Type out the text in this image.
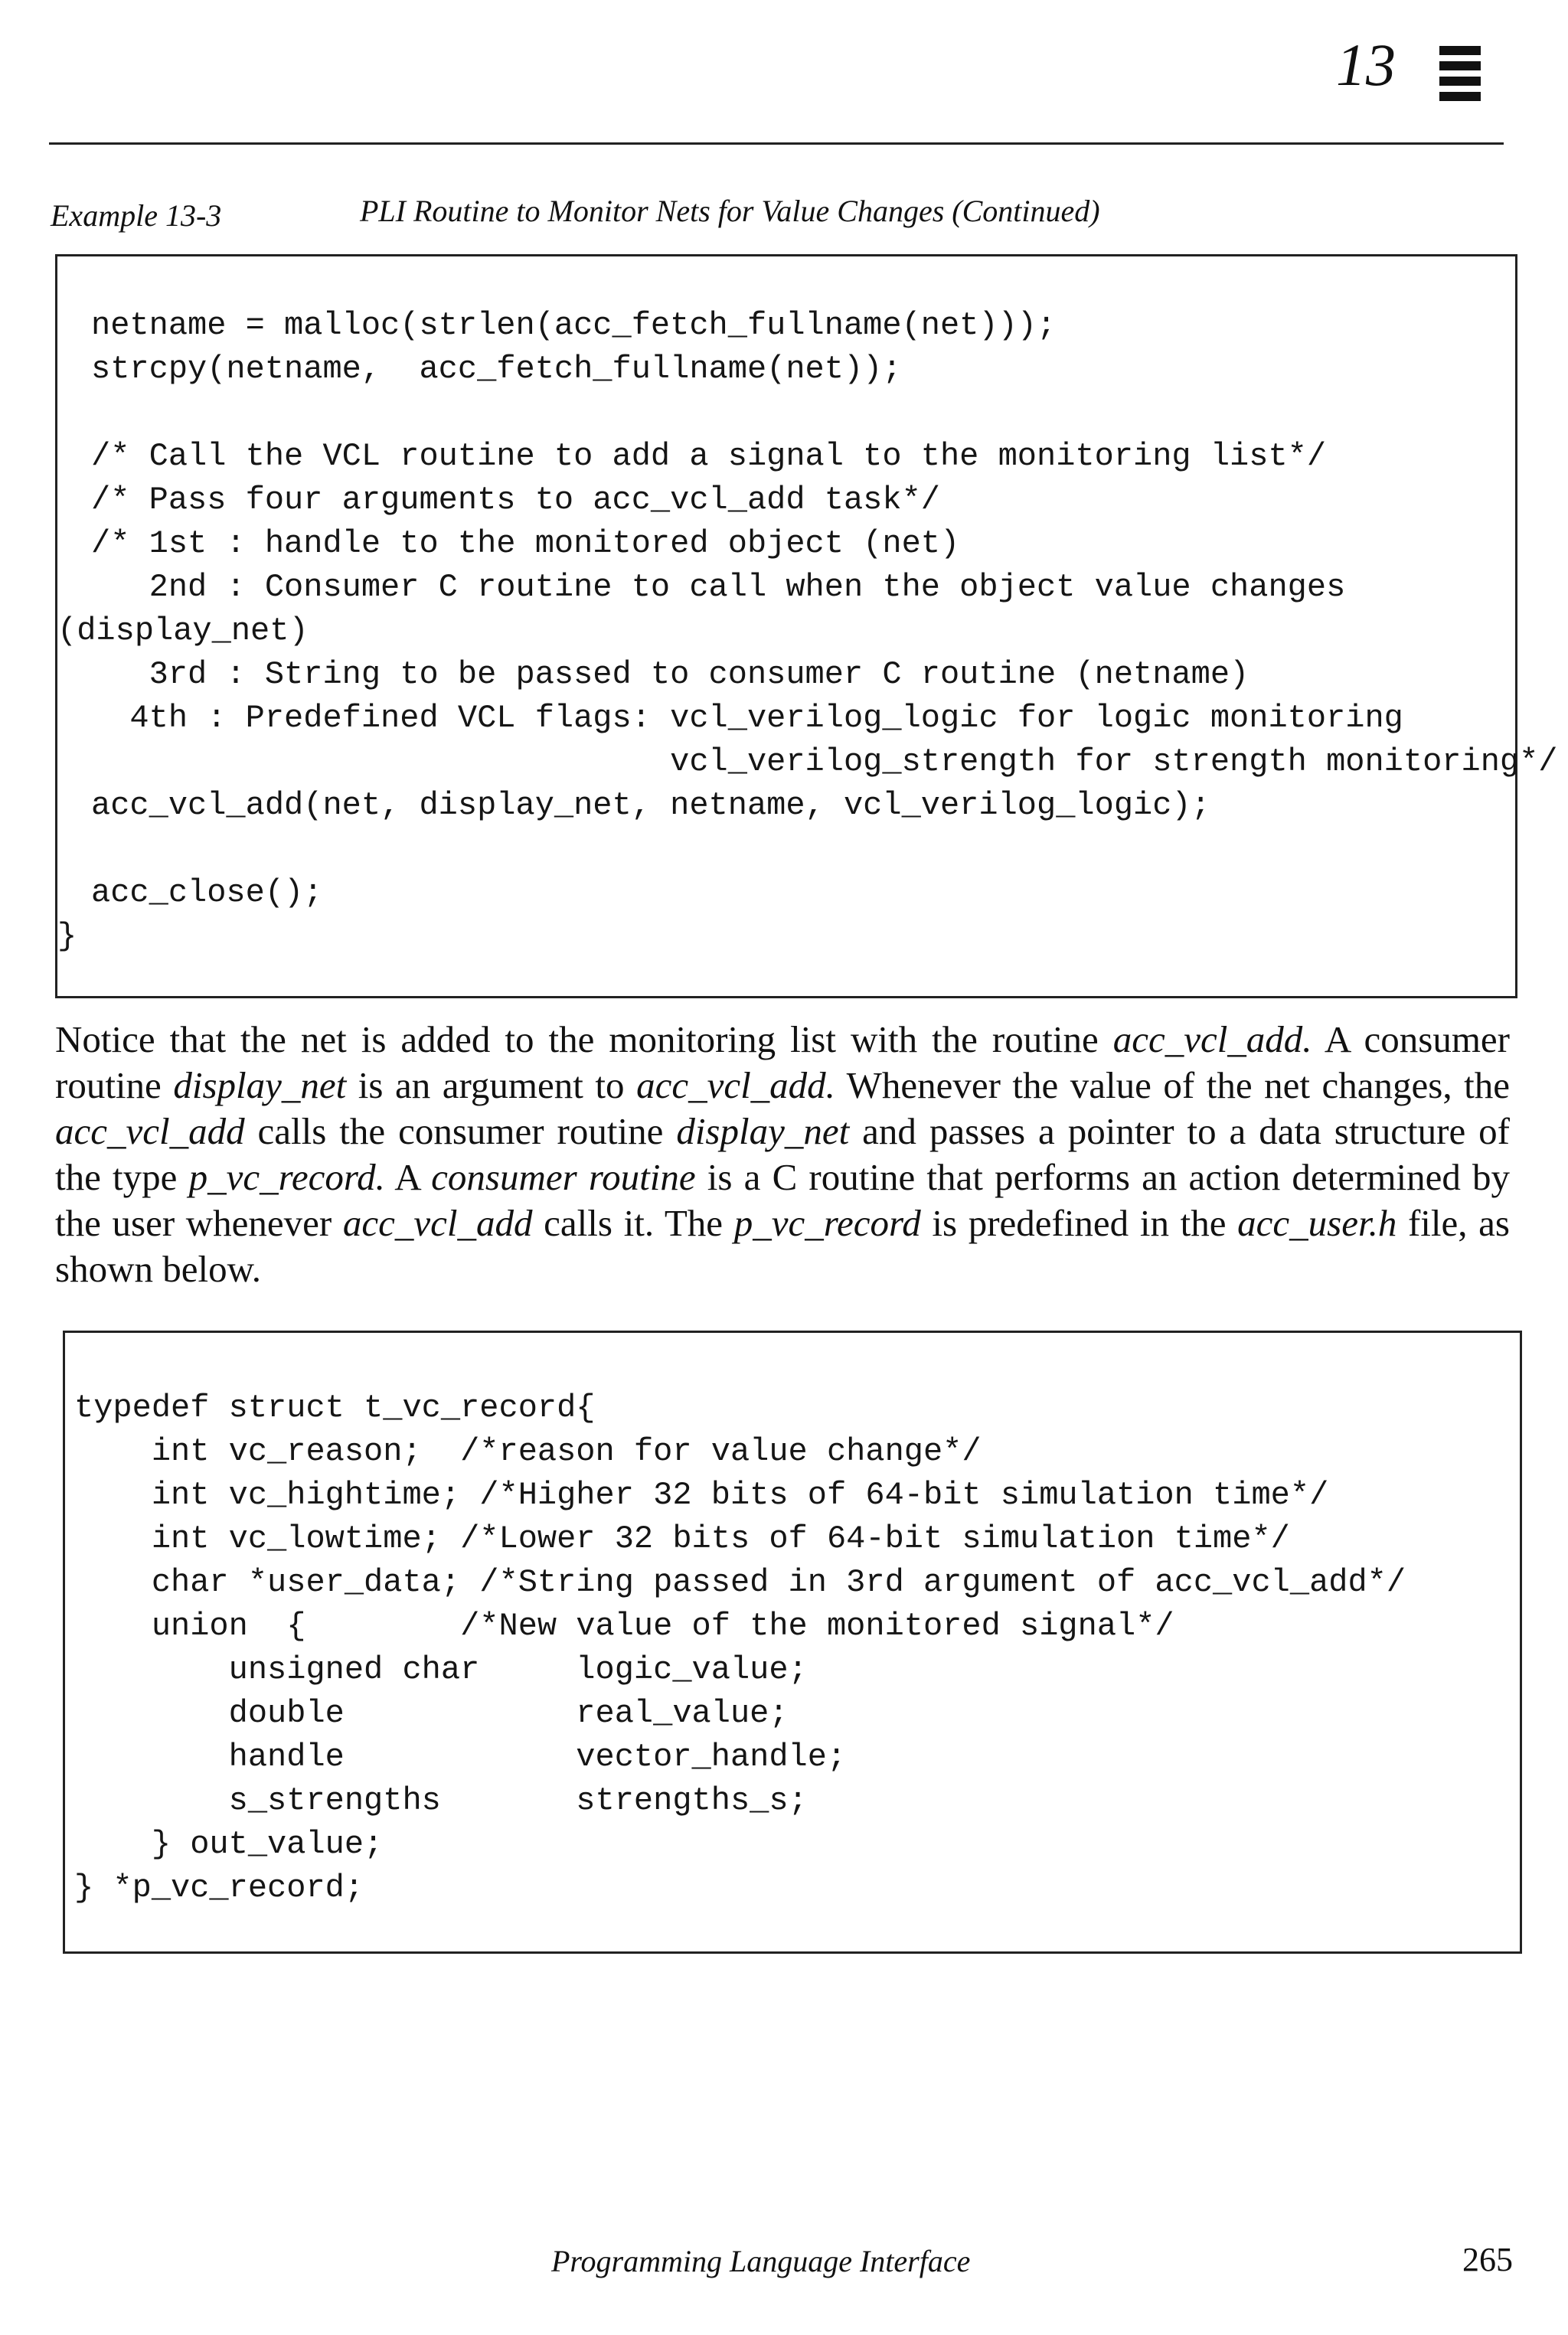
13
Example 13-3	PLI Routine to Monitor Nets for Value Changes (Continued)
netname = malloc(strlen(acc_fetch_fullname(net)));
strcpy(netname,  acc_fetch_fullname(net));

/* Call the VCL routine to add a signal to the monitoring list*/
/* Pass four arguments to acc_vcl_add task*/
/* 1st : handle to the monitored object (net)
2nd : Consumer C routine to call when the object value changes
(display_net)
3rd : String to be passed to consumer C routine (netname)
4th : Predefined VCL flags: vcl_verilog_logic for logic monitoring
vcl_verilog_strength for strength monitoring*/
acc_vcl_add(net, display_net, netname, vcl_verilog_logic);

acc_close();
}
Notice that the net is added to the monitoring list with the routine acc_vcl_add. A consumer routine display_net is an argument to acc_vcl_add. Whenever the value of the net changes, the acc_vcl_add calls the consumer routine display_net and passes a pointer to a data structure of the type p_vc_record. A consumer routine is a C routine that performs an action determined by the user whenever acc_vcl_add calls it. The p_vc_record is predefined in the acc_user.h file, as shown below.
typedef struct t_vc_record{
int vc_reason;  /*reason for value change*/
int vc_hightime; /*Higher 32 bits of 64-bit simulation time*/
int vc_lowtime; /*Lower 32 bits of 64-bit simulation time*/
char *user_data; /*String passed in 3rd argument of acc_vcl_add*/
union  {        /*New value of the monitored signal*/
unsigned char     logic_value;
double            real_value;
handle            vector_handle;
s_strengths       strengths_s;
} out_value;
} *p_vc_record;
Programming Language Interface	265
